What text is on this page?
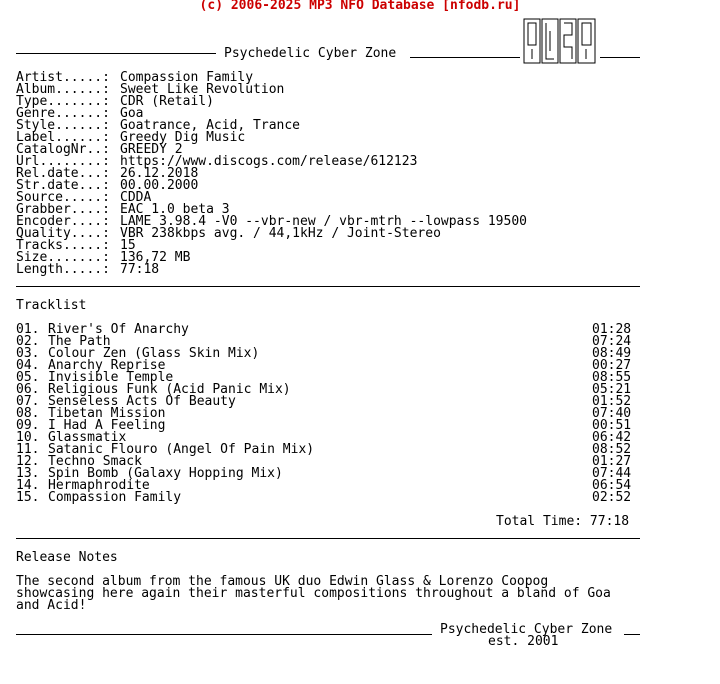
(c) 2006-2025 MP3 NFO Database [nfodb.ru]
Psychedelic Cyber Zone
Artist.....: Compassion Family
Album......: Sweet Like Revolution
Type.......: CDR (Retail)
Genre......: Goa
Style......: Goatrance, Acid, Trance
Label......: Greedy Dig Music
CatalogNr..: GREEDY 2
Url........: https://www.discogs.com/release/612123
Rel.date...: 26.12.2018
Str.date...: 00.00.2000
Source.....: CDDA
Grabber....: EAC 1.0 beta 3
Encoder....: LAME 3.98.4 -V0 --vbr-new / vbr-mtrh --lowpass 19500
Quality....: VBR 238kbps avg. / 44,1kHz / Joint-Stereo
Tracks.....: 15
Size.......: 136,72 MB
Length.....: 77:18
Tracklist
01. River's Of Anarchy	01:28
02. The Path	07:24
03. Colour Zen (Glass Skin Mix)	08:49
04. Anarchy Reprise	00:27
05. Invisible Temple	08:55
06. Religious Funk (Acid Panic Mix)	05:21
07. Senseless Acts Of Beauty	01:52
08. Tibetan Mission	07:40
09. I Had A Feeling	00:51
10. Glassmatix	06:42
11. Satanic Flouro (Angel Of Pain Mix)	08:52
12. Techno Smack	01:27
13. Spin Bomb (Galaxy Hopping Mix)	07:44
14. Hermaphrodite	06:54
15. Compassion Family	02:52
Total Time: 77:18
Release Notes
The second album from the famous UK duo Edwin Glass & Lorenzo Coopog
showcasing here again their masterful compositions throughout a bland of Goa
and Acid!
Psychedelic Cyber Zone
est. 2001
